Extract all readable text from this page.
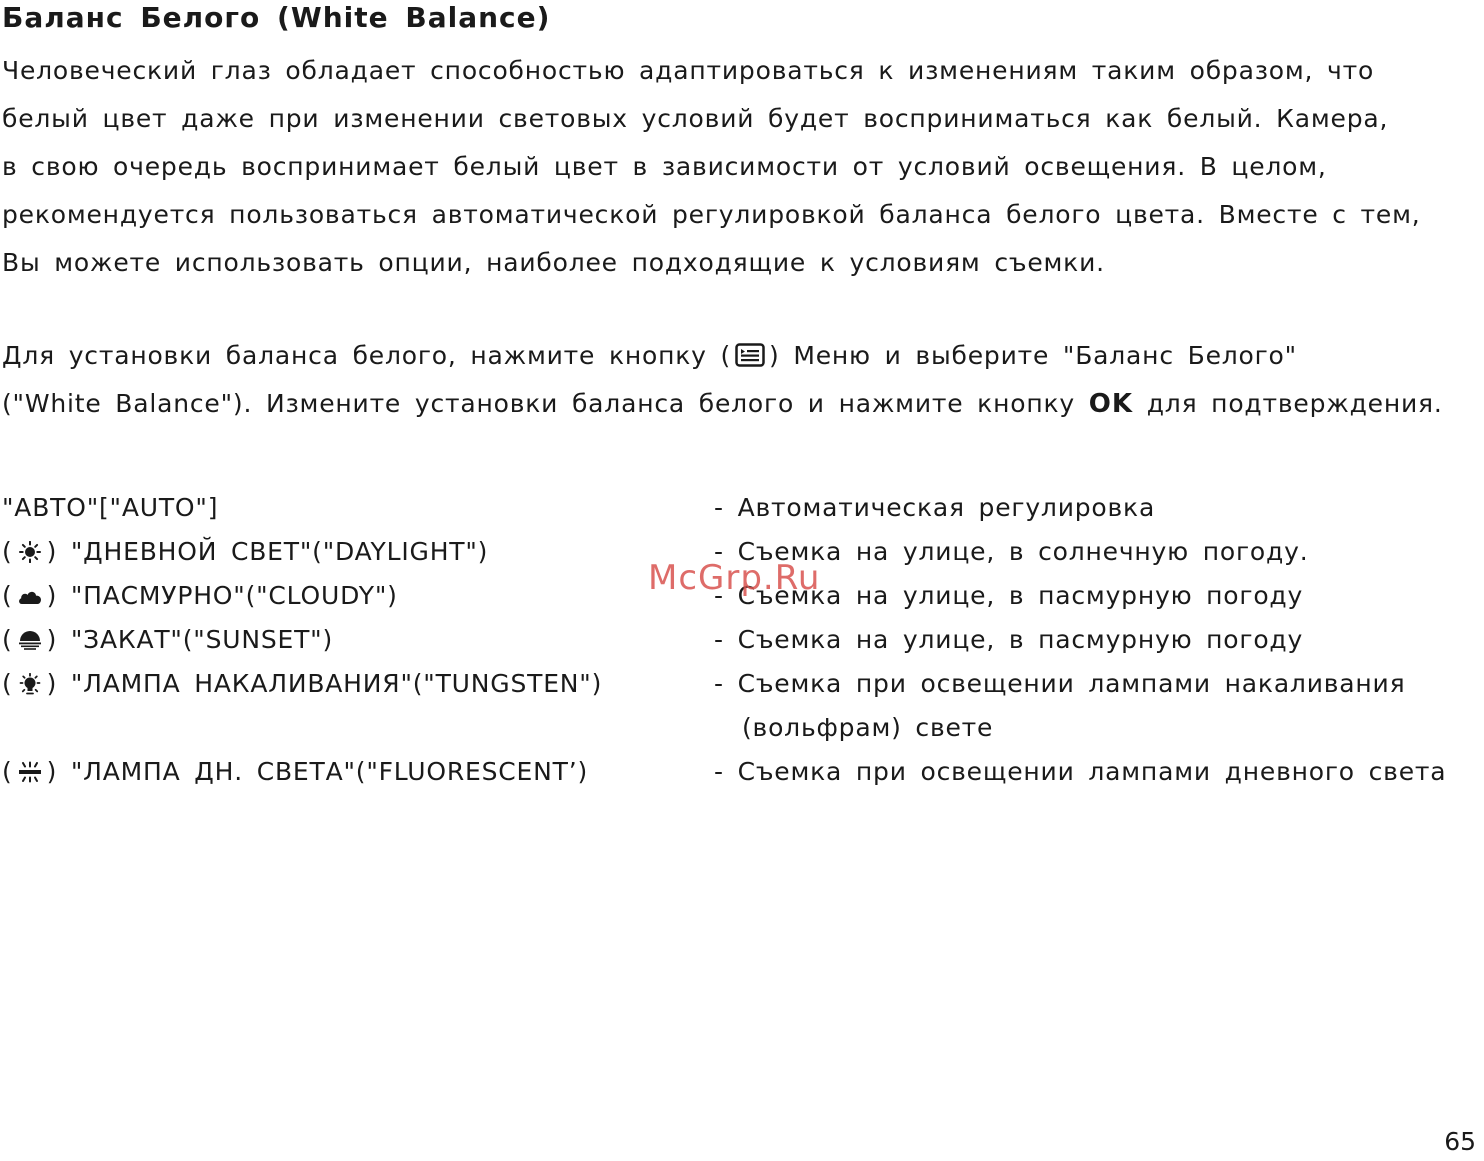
Баланс Белого (White Balance)
Человеческий глаз обладает способностью адаптироваться к изменениям таким образом, что
белый цвет даже при изменении световых условий будет восприниматься как белый. Камера,
в свою очередь воспринимает белый цвет в зависимости от условий освещения. В целом,
рекомендуется пользоваться автоматической регулировкой баланса белого цвета. Вместе с тем,
Вы можете использовать опции, наиболее подходящие к условиям съемки.
Для установки баланса белого, нажмите кнопку ( ) Меню и выберите "Баланс Белого"
("White Balance"). Измените установки баланса белого и нажмите кнопку OK для подтверждения.
"АВТО"["AUTO"]	- Автоматическая регулировка
( ) "ДНЕВНОЙ СВЕТ"("DAYLIGHT")	- Съемка на улице, в солнечную погоду.
( ) "ПАСМУРНО"("CLOUDY")	- Съемка на улице, в пасмурную погоду
( ) "ЗАКАТ"("SUNSET")	- Съемка на улице, в пасмурную погоду
( ) "ЛАМПА НАКАЛИВАНИЯ"("TUNGSTEN")	- Съемка при освещении лампами накаливания
(вольфрам) свете
( ) "ЛАМПА ДН. СВЕТА"("FLUORESCENT’)	- Съемка при освещении лампами дневного света
McGrp.Ru
65
